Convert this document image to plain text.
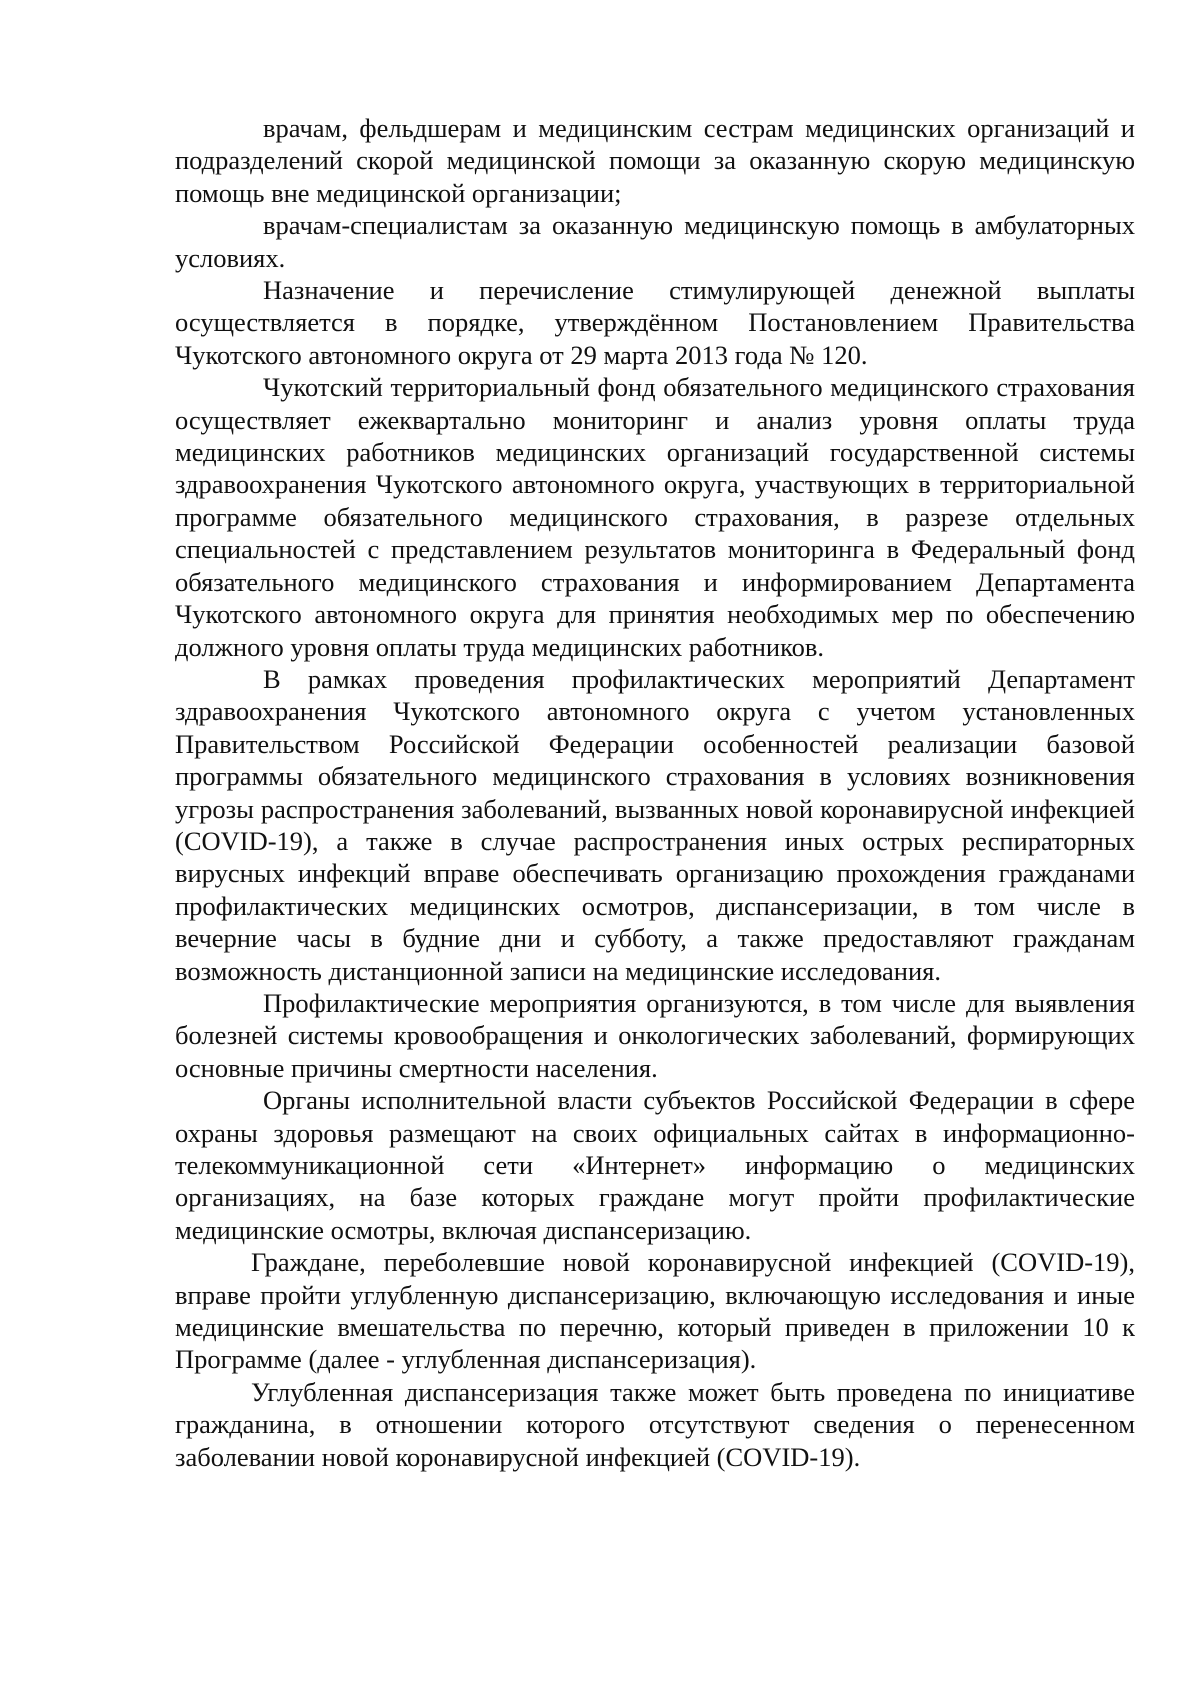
врачам, фельдшерам и медицинским сестрам медицинских организаций и подразделений скорой медицинской помощи за оказанную скорую медицинскую помощь вне медицинской организации;

врачам-специалистам за оказанную медицинскую помощь в амбулаторных условиях.

Назначение и перечисление стимулирующей денежной выплаты осуществляется в порядке, утверждённом Постановлением Правительства Чукотского автономного округа от 29 марта 2013 года № 120.

Чукотский территориальный фонд обязательного медицинского страхования осуществляет ежеквартально мониторинг и анализ уровня оплаты труда медицинских работников медицинских организаций государственной системы здравоохранения Чукотского автономного округа, участвующих в территориальной программе обязательного медицинского страхования, в разрезе отдельных специальностей с представлением результатов мониторинга в Федеральный фонд обязательного медицинского страхования и информированием Департамента Чукотского автономного округа для принятия необходимых мер по обеспечению должного уровня оплаты труда медицинских работников.

В рамках проведения профилактических мероприятий Департамент здравоохранения Чукотского автономного округа с учетом установленных Правительством Российской Федерации особенностей реализации базовой программы обязательного медицинского страхования в условиях возникновения угрозы распространения заболеваний, вызванных новой коронавирусной инфекцией (COVID-19), а также в случае распространения иных острых респираторных вирусных инфекций вправе обеспечивать организацию прохождения гражданами профилактических медицинских осмотров, диспансеризации, в том числе в вечерние часы в будние дни и субботу, а также предоставляют гражданам возможность дистанционной записи на медицинские исследования.

Профилактические мероприятия организуются, в том числе для выявления болезней системы кровообращения и онкологических заболеваний, формирующих основные причины смертности населения.

Органы исполнительной власти субъектов Российской Федерации в сфере охраны здоровья размещают на своих официальных сайтах в информационно-телекоммуникационной сети «Интернет» информацию о медицинских организациях, на базе которых граждане могут пройти профилактические медицинские осмотры, включая диспансеризацию.

Граждане, переболевшие новой коронавирусной инфекцией (COVID-19), вправе пройти углубленную диспансеризацию, включающую исследования и иные медицинские вмешательства по перечню, который приведен в приложении 10 к Программе (далее - углубленная диспансеризация).

Углубленная диспансеризация также может быть проведена по инициативе гражданина, в отношении которого отсутствуют сведения о перенесенном заболевании новой коронавирусной инфекцией (COVID-19).
